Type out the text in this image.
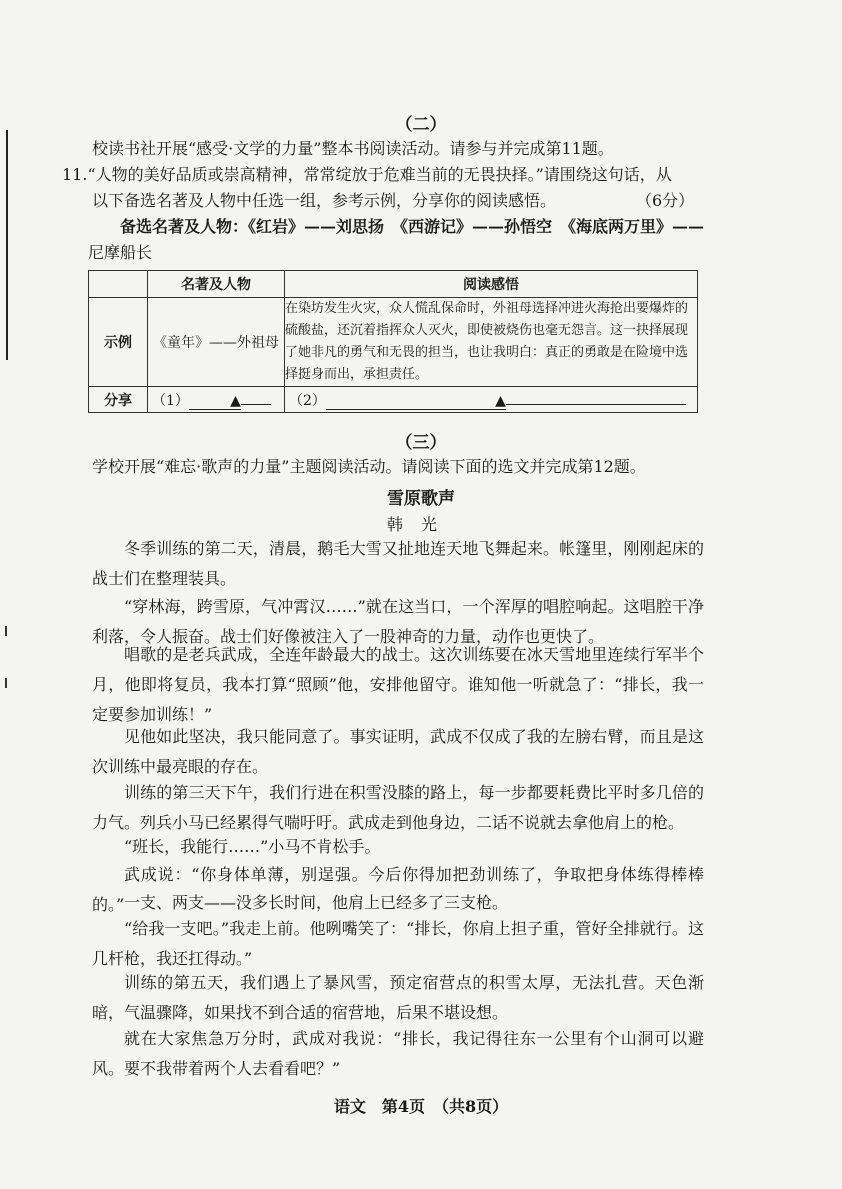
（二）
校读书社开展“感受·文学的力量”整本书阅读活动。请参与并完成第11题。
11.“人物的美好品质或崇高精神，常常绽放于危难当前的无畏抉择。”请围绕这句话，从
以下备选名著及人物中任选一组，参考示例，分享你的阅读感悟。	（6分）
备选名著及人物：《红岩》——刘思扬　《西游记》——孙悟空　《海底两万里》——
尼摩船长
	名著及人物	阅读感悟
示例	《童年》——外祖母	在染坊发生火灾，众人慌乱保命时，外祖母选择冲进火海抢出要爆炸的硫酸盐，还沉着指挥众人灭火，即使被烧伤也毫无怨言。这一抉择展现了她非凡的勇气和无畏的担当，也让我明白：真正的勇敢是在险境中选择挺身而出，承担责任。
分享	（1） ▲	（2） ▲
（三）
学校开展“难忘·歌声的力量”主题阅读活动。请阅读下面的选文并完成第12题。
雪原歌声
韩光
冬季训练的第二天，清晨，鹅毛大雪又扯地连天地飞舞起来。帐篷里，刚刚起床的战士们在整理装具。
“穿林海，跨雪原，气冲霄汉……”就在这当口，一个浑厚的唱腔响起。这唱腔干净利落，令人振奋。战士们好像被注入了一股神奇的力量，动作也更快了。
唱歌的是老兵武成，全连年龄最大的战士。这次训练要在冰天雪地里连续行军半个月，他即将复员，我本打算“照顾”他，安排他留守。谁知他一听就急了：“排长，我一定要参加训练！”
见他如此坚决，我只能同意了。事实证明，武成不仅成了我的左膀右臂，而且是这次训练中最亮眼的存在。
训练的第三天下午，我们行进在积雪没膝的路上，每一步都要耗费比平时多几倍的力气。列兵小马已经累得气喘吁吁。武成走到他身边，二话不说就去拿他肩上的枪。
“班长，我能行……”小马不肯松手。
武成说：“你身体单薄，别逞强。今后你得加把劲训练了，争取把身体练得棒棒的。” 一支、两支——没多长时间，他肩上已经多了三支枪。
“给我一支吧。”我走上前。他咧嘴笑了：“排长，你肩上担子重，管好全排就行。这几杆枪，我还扛得动。”
训练的第五天，我们遇上了暴风雪，预定宿营点的积雪太厚，无法扎营。天色渐暗，气温骤降，如果找不到合适的宿营地，后果不堪设想。
就在大家焦急万分时，武成对我说：“排长，我记得往东一公里有个山洞可以避风。要不我带着两个人去看看吧？”
语文　第4页　（共8页）
